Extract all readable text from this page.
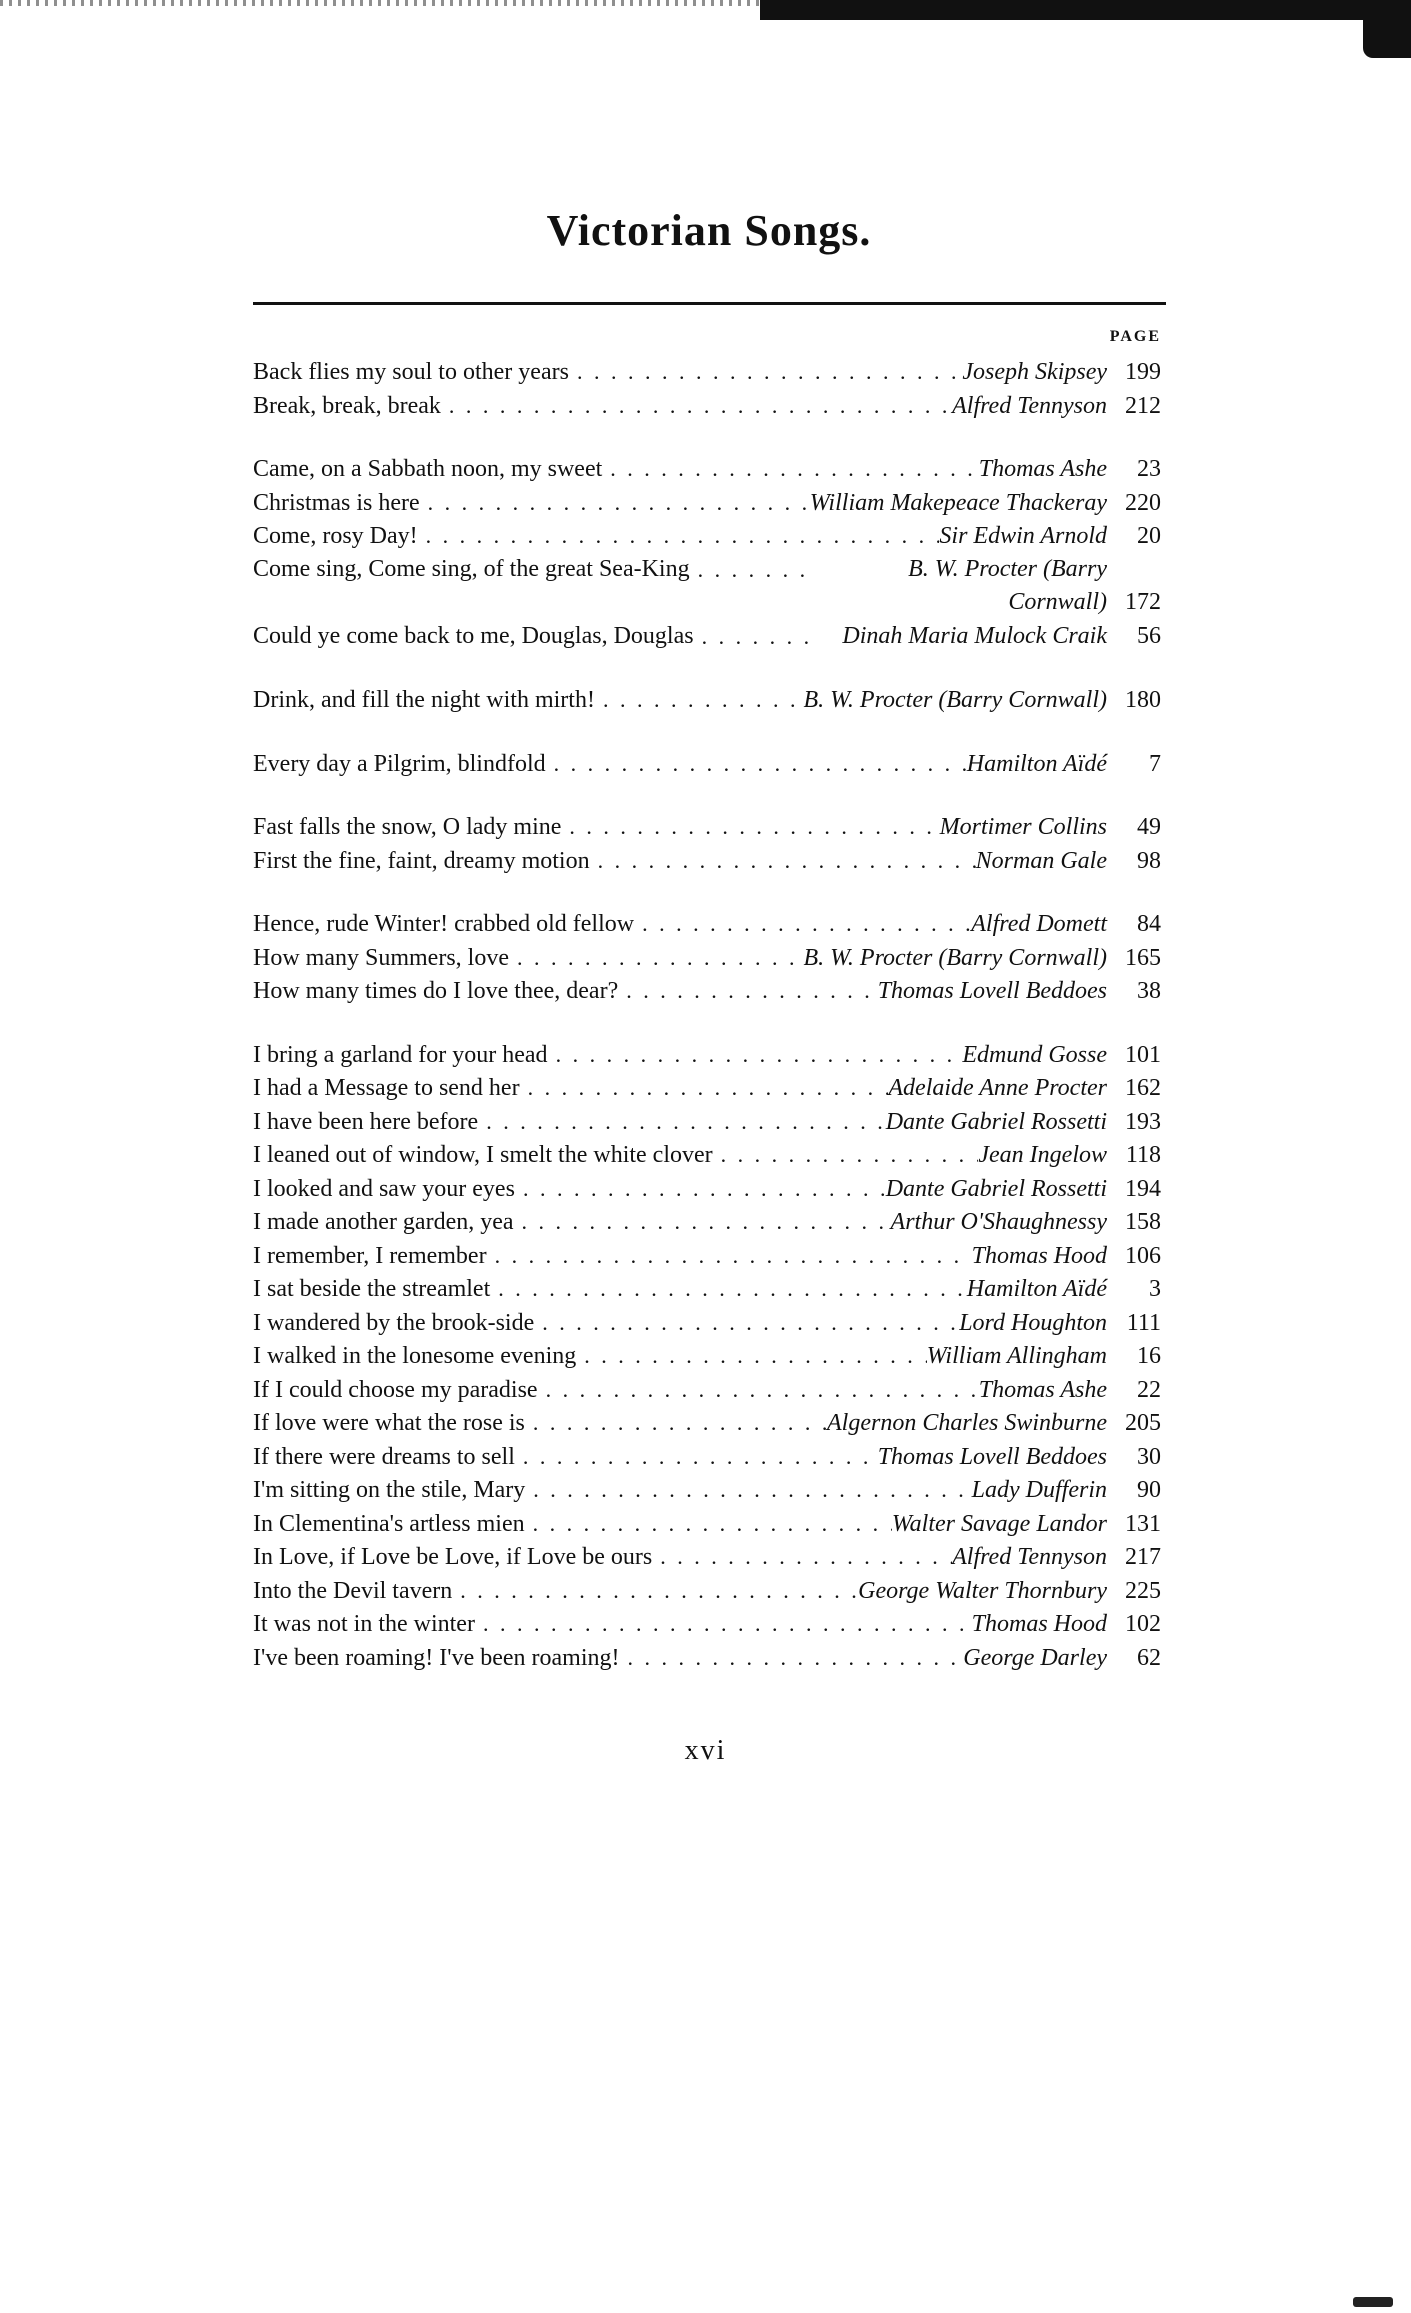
Victorian Songs.
PAGE
Back flies my soul to other years . . .	Joseph Skipsey 199
Break, break, break . . .	Alfred Tennyson 212
Came, on a Sabbath noon, my sweet . . .	Thomas Ashe	23
Christmas is here . . .	William Makepeace Thackeray 220
Come, rosy Day! . . .	Sir Edwin Arnold	20
Come sing, Come sing, of the great Sea-King . . .	B. W. Procter (Barry Cornwall) 172
Could ye come back to me, Douglas, Douglas . . .	Dinah Maria Mulock Craik	56
Drink, and fill the night with mirth! . . .	B. W. Procter (Barry Cornwall) 180
Every day a Pilgrim, blindfold . . .	Hamilton Aïdé	7
Fast falls the snow, O lady mine . . .	Mortimer Collins	49
First the fine, faint, dreamy motion . . .	Norman Gale	98
Hence, rude Winter! crabbed old fellow . . .	Alfred Domett	84
How many Summers, love . . .	B. W. Procter (Barry Cornwall) 165
How many times do I love thee, dear? . . .	Thomas Lovell Beddoes	38
I bring a garland for your head . . .	Edmund Gosse 101
I had a Message to send her . . .	Adelaide Anne Procter 162
I have been here before . . .	Dante Gabriel Rossetti 193
I leaned out of window, I smelt the white clover . . .	Jean Ingelow 118
I looked and saw your eyes . . .	Dante Gabriel Rossetti 194
I made another garden, yea . . .	Arthur O'Shaughnessy 158
I remember, I remember . . .	Thomas Hood 106
I sat beside the streamlet . . .	Hamilton Aïdé	3
I wandered by the brook-side . . .	Lord Houghton 111
I walked in the lonesome evening . . .	William Allingham	16
If I could choose my paradise . . .	Thomas Ashe	22
If love were what the rose is . . .	Algernon Charles Swinburne 205
If there were dreams to sell . . .	Thomas Lovell Beddoes	30
I'm sitting on the stile, Mary . . .	Lady Dufferin	90
In Clementina's artless mien . . .	Walter Savage Landor 131
In Love, if Love be Love, if Love be ours . . .	Alfred Tennyson 217
Into the Devil tavern . . .	George Walter Thornbury 225
It was not in the winter . . .	Thomas Hood 102
I've been roaming! I've been roaming! . . .	George Darley	62
xvi
